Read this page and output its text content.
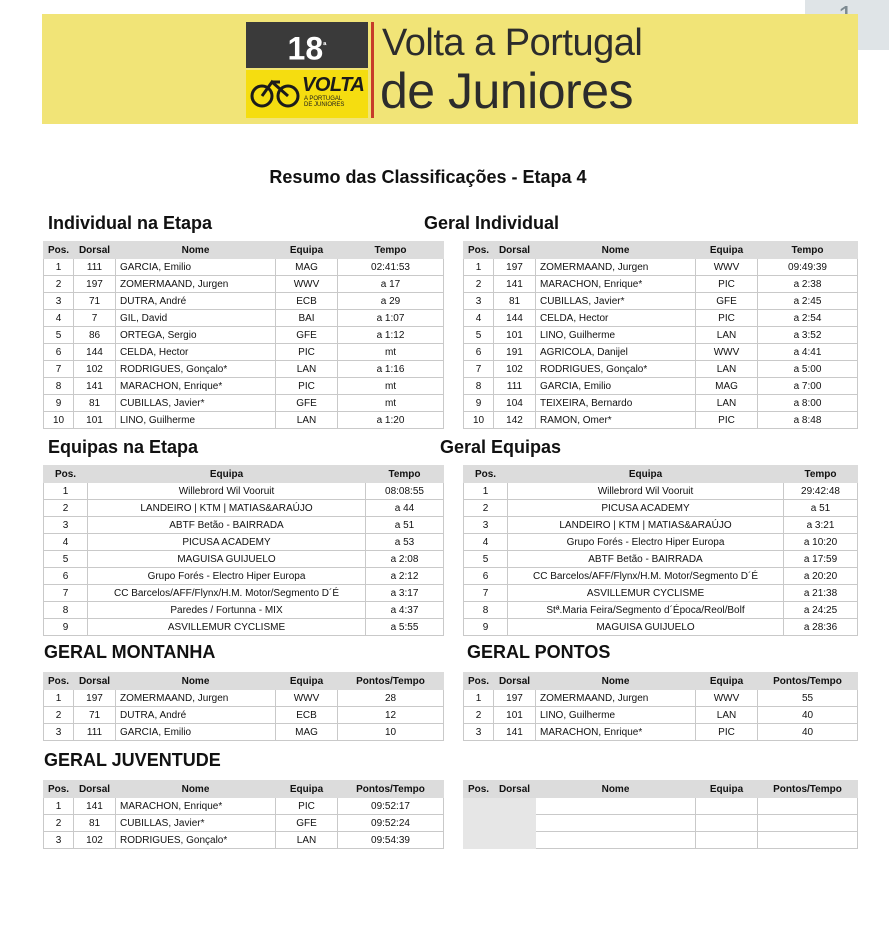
$18^ª$
VOLTA
A PORTUGAL
DE JUNIORES
Volta a Portugal
de Juniores
Resumo das Classificações - Etapa 4
Individual na Etapa	Geral Individual
Equipas na Etapa	Geral Equipas
GERAL MONTANHA	GERAL PONTOS
GERAL JUVENTUDE
Pos.	Dorsal	Nome	Equipa	Tempo
1	111	GARCIA, Emilio	MAG	02:41:53
2	197	ZOMERMAAND, Jurgen	WWV	a 17
3	71	DUTRA, André	ECB	a 29
4	7	GIL, David	BAI	a 1:07
5	86	ORTEGA, Sergio	GFE	a 1:12
6	144	CELDA, Hector	PIC	mt
7	102	RODRIGUES, Gonçalo*	LAN	a 1:16
8	141	MARACHON, Enrique*	PIC	mt
9	81	CUBILLAS, Javier*	GFE	mt
10	101	LINO, Guilherme	LAN	a 1:20
Pos.	Dorsal	Nome	Equipa	Tempo
1	197	ZOMERMAAND, Jurgen	WWV	09:49:39
2	141	MARACHON, Enrique*	PIC	a 2:38
3	81	CUBILLAS, Javier*	GFE	a 2:45
4	144	CELDA, Hector	PIC	a 2:54
5	101	LINO, Guilherme	LAN	a 3:52
6	191	AGRICOLA, Danijel	WWV	a 4:41
7	102	RODRIGUES, Gonçalo*	LAN	a 5:00
8	111	GARCIA, Emilio	MAG	a 7:00
9	104	TEIXEIRA, Bernardo	LAN	a 8:00
10	142	RAMON, Omer*	PIC	a 8:48
Pos.	Equipa	Tempo
1	Willebrord Wil Vooruit	08:08:55
2	LANDEIRO | KTM | MATIAS&ARAÚJO	a 44
3	ABTF Betão - BAIRRADA	a 51
4	PICUSA ACADEMY	a 53
5	MAGUISA GUIJUELO	a 2:08
6	Grupo Forés - Electro Hiper Europa	a 2:12
7	CC Barcelos/AFF/Flynx/H.M. Motor/Segmento D´É	a 3:17
8	Paredes / Fortunna - MIX	a 4:37
9	ASVILLEMUR CYCLISME	a 5:55
Pos.	Equipa	Tempo
1	Willebrord Wil Vooruit	29:42:48
2	PICUSA ACADEMY	a 51
3	LANDEIRO | KTM | MATIAS&ARAÚJO	a 3:21
4	Grupo Forés - Electro Hiper Europa	a 10:20
5	ABTF Betão - BAIRRADA	a 17:59
6	CC Barcelos/AFF/Flynx/H.M. Motor/Segmento D´É	a 20:20
7	ASVILLEMUR CYCLISME	a 21:38
8	Stª.Maria Feira/Segmento d´Época/Reol/Bolf	a 24:25
9	MAGUISA GUIJUELO	a 28:36
Pos.	Dorsal	Nome	Equipa	Pontos/Tempo
1	197	ZOMERMAAND, Jurgen	WWV	28
2	71	DUTRA, André	ECB	12
3	111	GARCIA, Emilio	MAG	10
Pos.	Dorsal	Nome	Equipa	Pontos/Tempo
1	197	ZOMERMAAND, Jurgen	WWV	55
2	101	LINO, Guilherme	LAN	40
3	141	MARACHON, Enrique*	PIC	40
Pos.	Dorsal	Nome	Equipa	Pontos/Tempo
1	141	MARACHON, Enrique*	PIC	09:52:17
2	81	CUBILLAS, Javier*	GFE	09:52:24
3	102	RODRIGUES, Gonçalo*	LAN	09:54:39
Pos.	Dorsal	Nome	Equipa	Pontos/Tempo
